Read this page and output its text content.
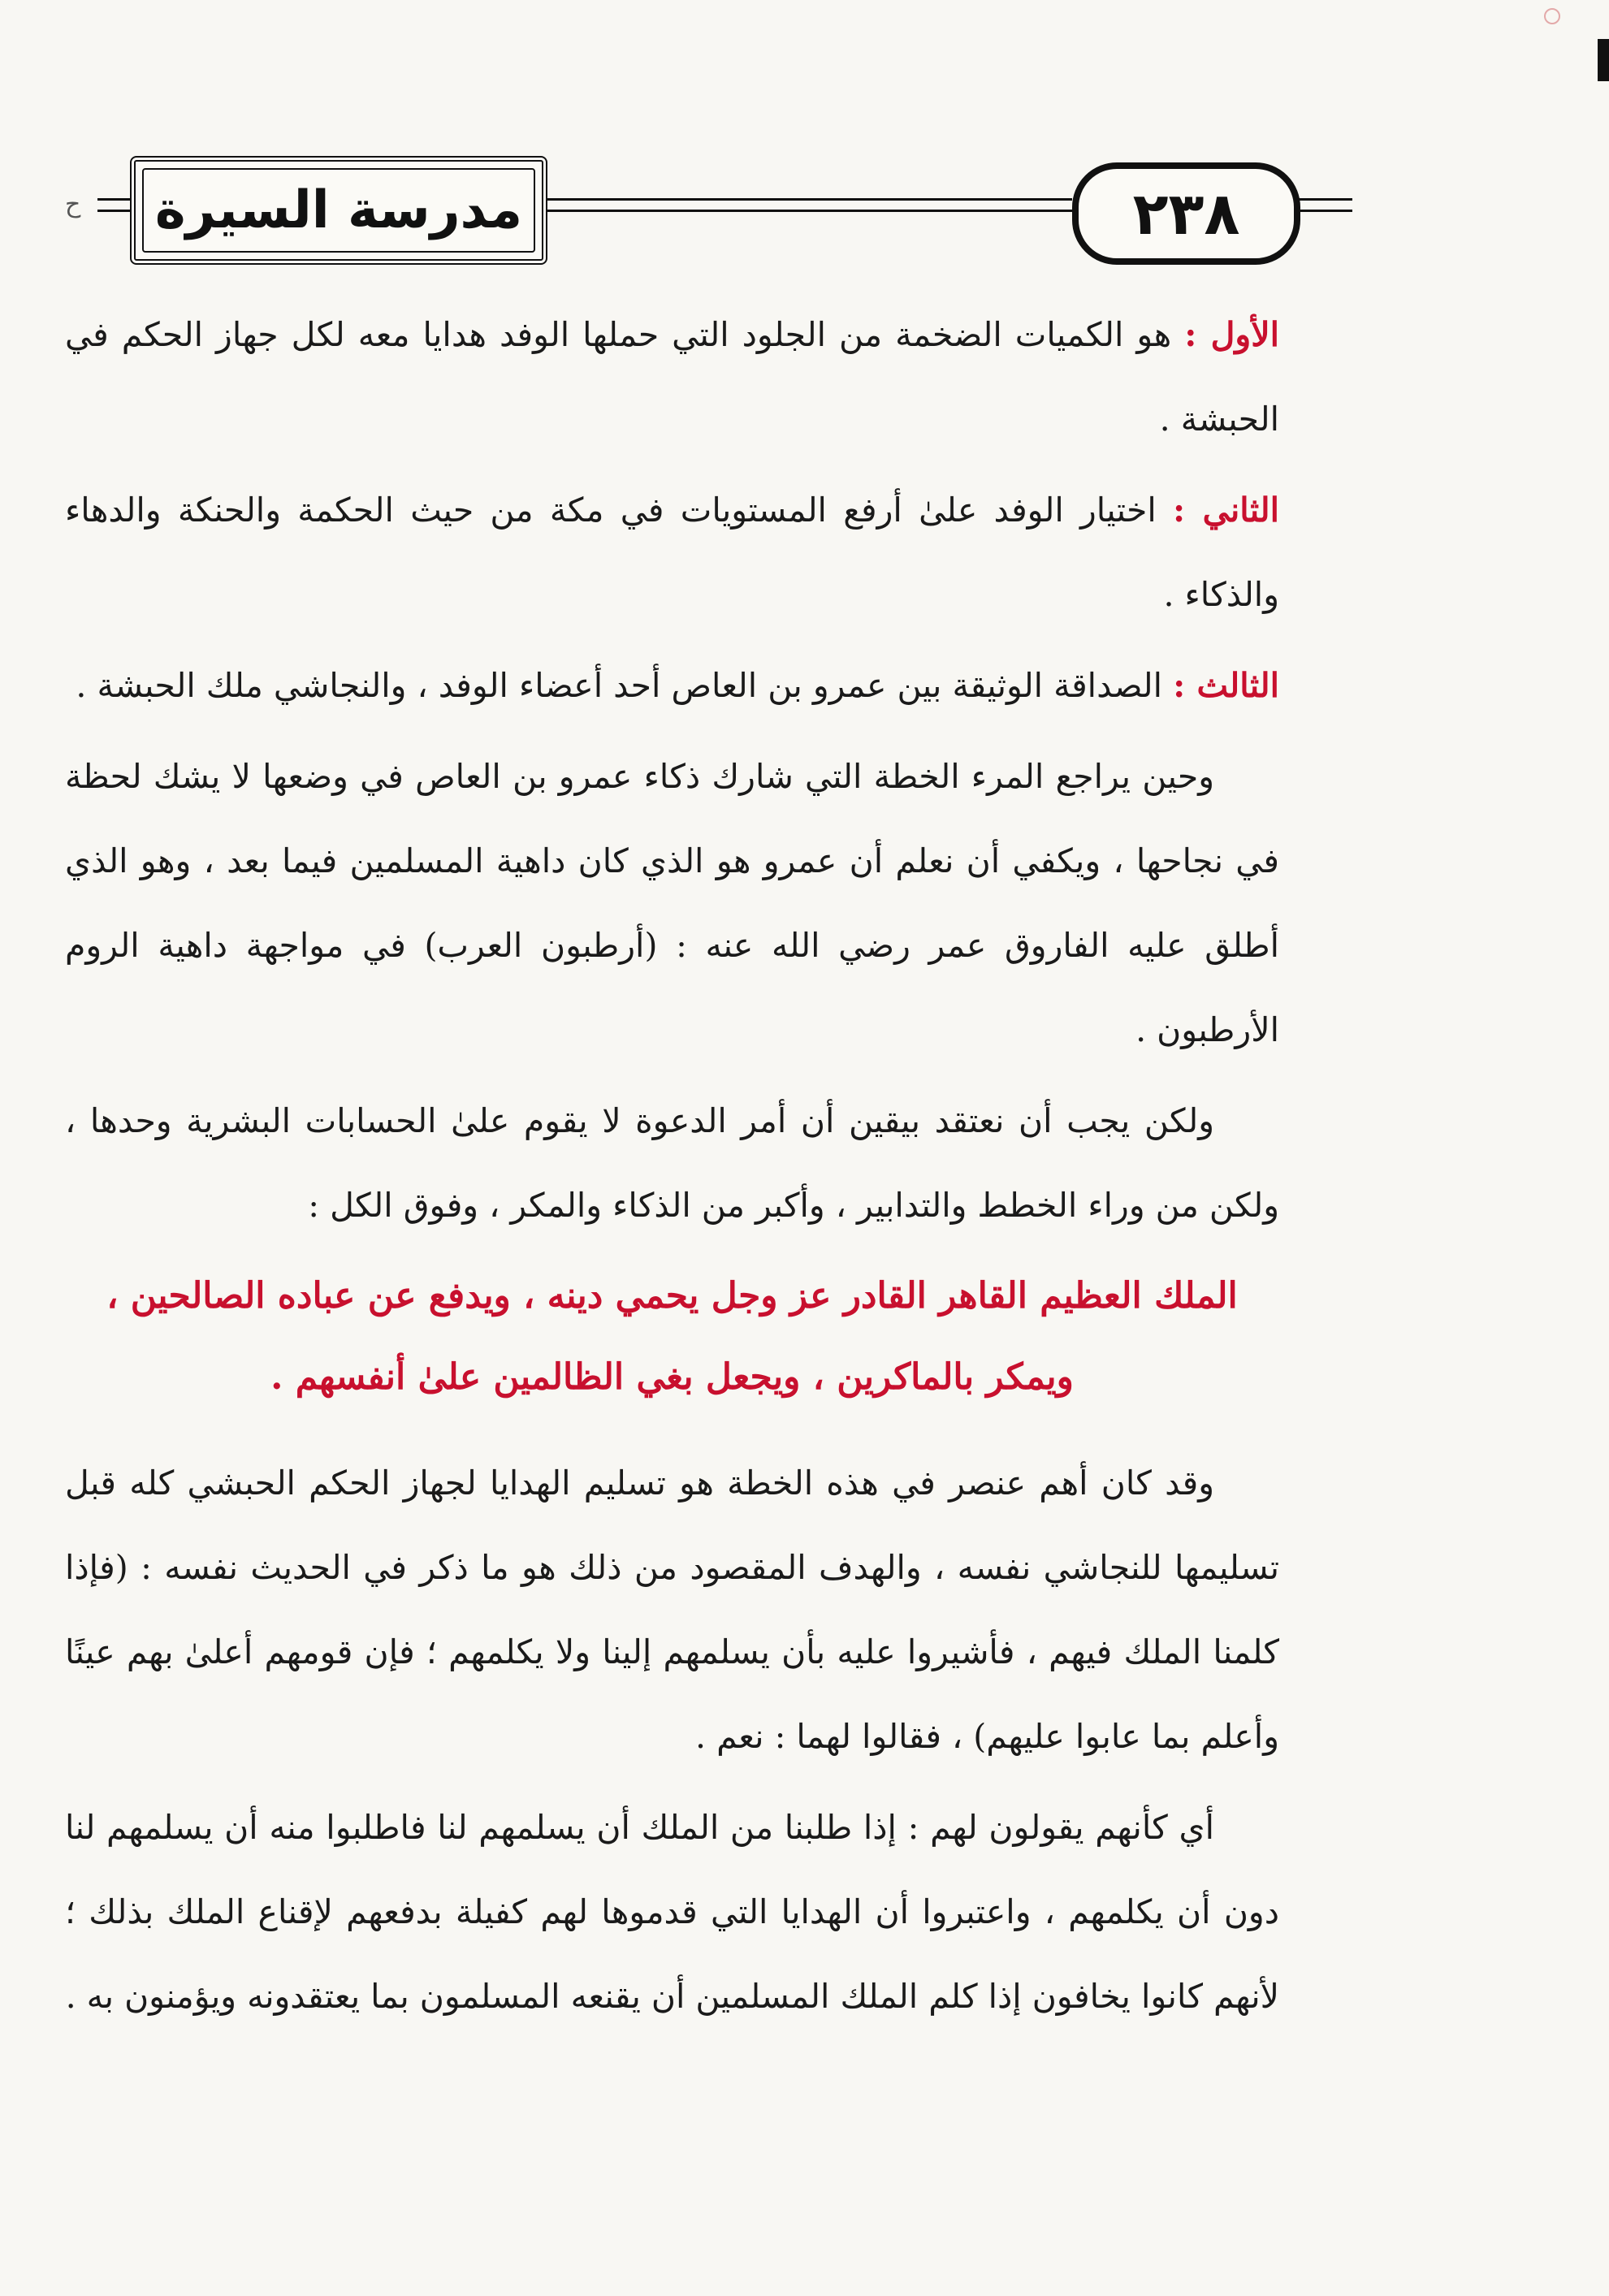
ح مدرسة السيرة	٢٣٨

الأول : هو الكميات الضخمة من الجلود التي حملها الوفد هدايا معه لكل جهاز الحكم في الحبشة .

الثاني : اختيار الوفد علىٰ أرفع المستويات في مكة من حيث الحكمة والحنكة والدهاء والذكاء .

الثالث : الصداقة الوثيقة بين عمرو بن العاص أحد أعضاء الوفد ، والنجاشي ملك الحبشة .

وحين يراجع المرء الخطة التي شارك ذكاء عمرو بن العاص في وضعها لا يشك لحظة في نجاحها ، ويكفي أن نعلم أن عمرو هو الذي كان داهية المسلمين فيما بعد ، وهو الذي أطلق عليه الفاروق عمر رضي الله عنه : (أرطبون العرب) في مواجهة داهية الروم الأرطبون .

ولكن يجب أن نعتقد بيقين أن أمر الدعوة لا يقوم علىٰ الحسابات البشرية وحدها ، ولكن من وراء الخطط والتدابير ، وأكبر من الذكاء والمكر ، وفوق الكل :

الملك العظيم القاهر القادر عز وجل يحمي دينه ، ويدفع عن عباده الصالحين ، ويمكر بالماكرين ، ويجعل بغي الظالمين علىٰ أنفسهم .

وقد كان أهم عنصر في هذه الخطة هو تسليم الهدايا لجهاز الحكم الحبشي كله قبل تسليمها للنجاشي نفسه ، والهدف المقصود من ذلك هو ما ذكر في الحديث نفسه : (فإذا كلمنا الملك فيهم ، فأشيروا عليه بأن يسلمهم إلينا ولا يكلمهم ؛ فإن قومهم أعلىٰ بهم عينًا وأعلم بما عابوا عليهم) ، فقالوا لهما : نعم .

أي كأنهم يقولون لهم : إذا طلبنا من الملك أن يسلمهم لنا فاطلبوا منه أن يسلمهم لنا دون أن يكلمهم ، واعتبروا أن الهدايا التي قدموها لهم كفيلة بدفعهم لإقناع الملك بذلك ؛ لأنهم كانوا يخافون إذا كلم الملك المسلمين أن يقنعه المسلمون بما يعتقدونه ويؤمنون به .
